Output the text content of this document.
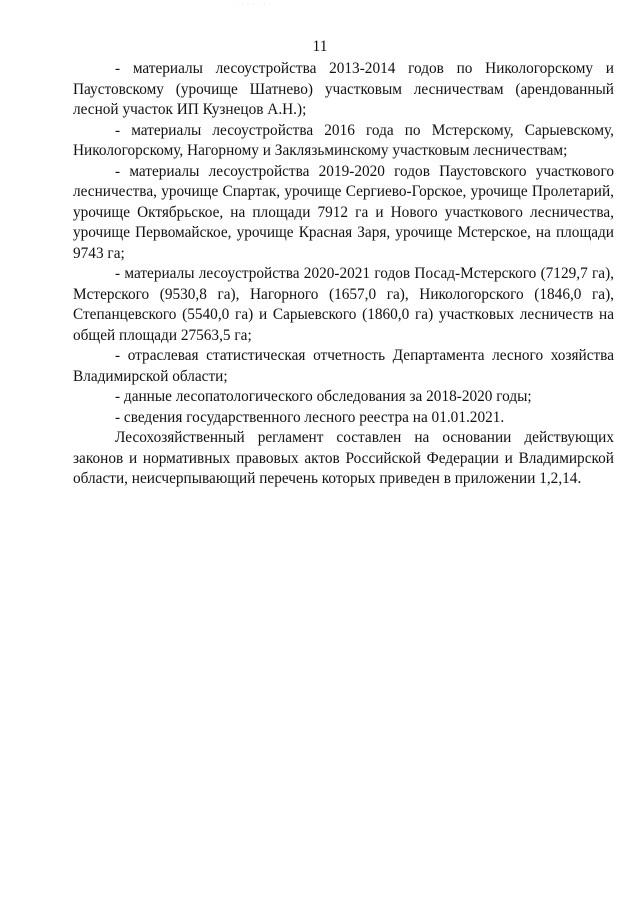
· · · · · · ·
11

- материалы лесоустройства 2013-2014 годов по Никологорскому и Паустовскому (урочище Шатнево) участковым лесничествам (арендованный лесной участок ИП Кузнецов А.Н.);

- материалы лесоустройства 2016 года по Мстерскому, Сарыевскому, Никологорскому, Нагорному и Заклязьминскому участковым лесничествам;

- материалы лесоустройства 2019-2020 годов Паустовского участкового лесничества, урочище Спартак, урочище Сергиево-Горское, урочище Пролетарий, урочище Октябрьское, на площади 7912 га и Нового участкового лесничества, урочище Первомайское, урочище Красная Заря, урочище Мстерское, на площади 9743 га;

- материалы лесоустройства 2020-2021 годов Посад-Мстерского (7129,7 га), Мстерского (9530,8 га), Нагорного (1657,0 га), Никологорского (1846,0 га), Степанцевского (5540,0 га) и Сарыевского (1860,0 га) участковых лесничеств на общей площади 27563,5 га;

- отраслевая статистическая отчетность Департамента лесного хозяйства Владимирской области;

- данные лесопатологического обследования за 2018-2020 годы;

- сведения государственного лесного реестра на 01.01.2021.

Лесохозяйственный регламент составлен на основании действующих законов и нормативных правовых актов Российской Федерации и Владимирской области, неисчерпывающий перечень которых приведен в приложении 1,2,14.
